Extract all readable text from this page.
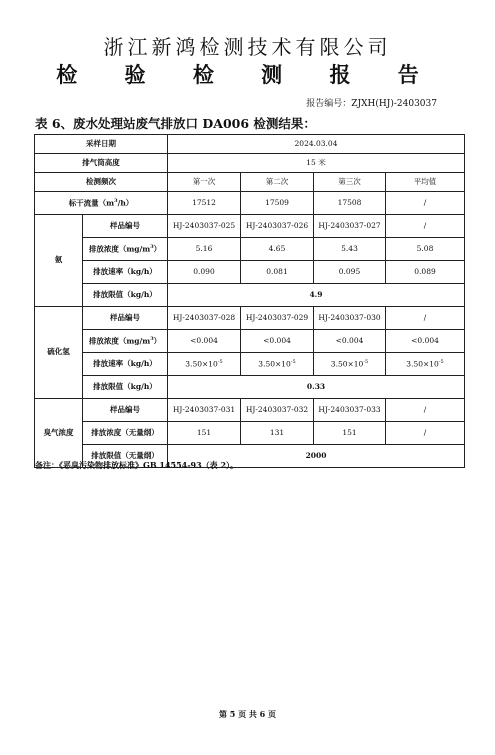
浙江新鸿检测技术有限公司
检 验 检 测 报 告
报告编号：ZJXH(HJ)-2403037
表 6、废水处理站废气排放口 DA006 检测结果：
采样日期		2024.03.04			
排气筒高度		15 米			
检测频次		第一次	第二次	第三次	平均值
标干流量$(m^3/h)$		17512	17509	17508	/
氨	样品编号	HJ-2403037-025	HJ-2403037-026	HJ-2403037-027	/
	排放浓度$(mg/m^3)$	5.16	4.65	5.43	5.08
	排放速率（kg/h）	0.090	0.081	0.095	0.089
	排放限值（kg/h）	4.9			
硫化氢	样品编号	HJ-2403037-028	HJ-2403037-029	HJ-2403037-030	/
	排放浓度$(mg/m^3)$	<0.004	<0.004	<0.004	<0.004
	排放速率（kg/h）	$3.50\times 10^{-5}$	$3.50\times 10^{-5}$	$3.50\times 10^{-5}$	$3.50\times 10^{-5}$
	排放限值（kg/h）	0.33			
臭气浓度	样品编号	HJ-2403037-031	HJ-2403037-032	HJ-2403037-033	/
	排放浓度（无量纲）	151	131	151	/
	排放限值（无量纲）	2000			
备注：《恶臭污染物排放标准》GB 14554-93（表 2）。
第 5 页 共 6 页
